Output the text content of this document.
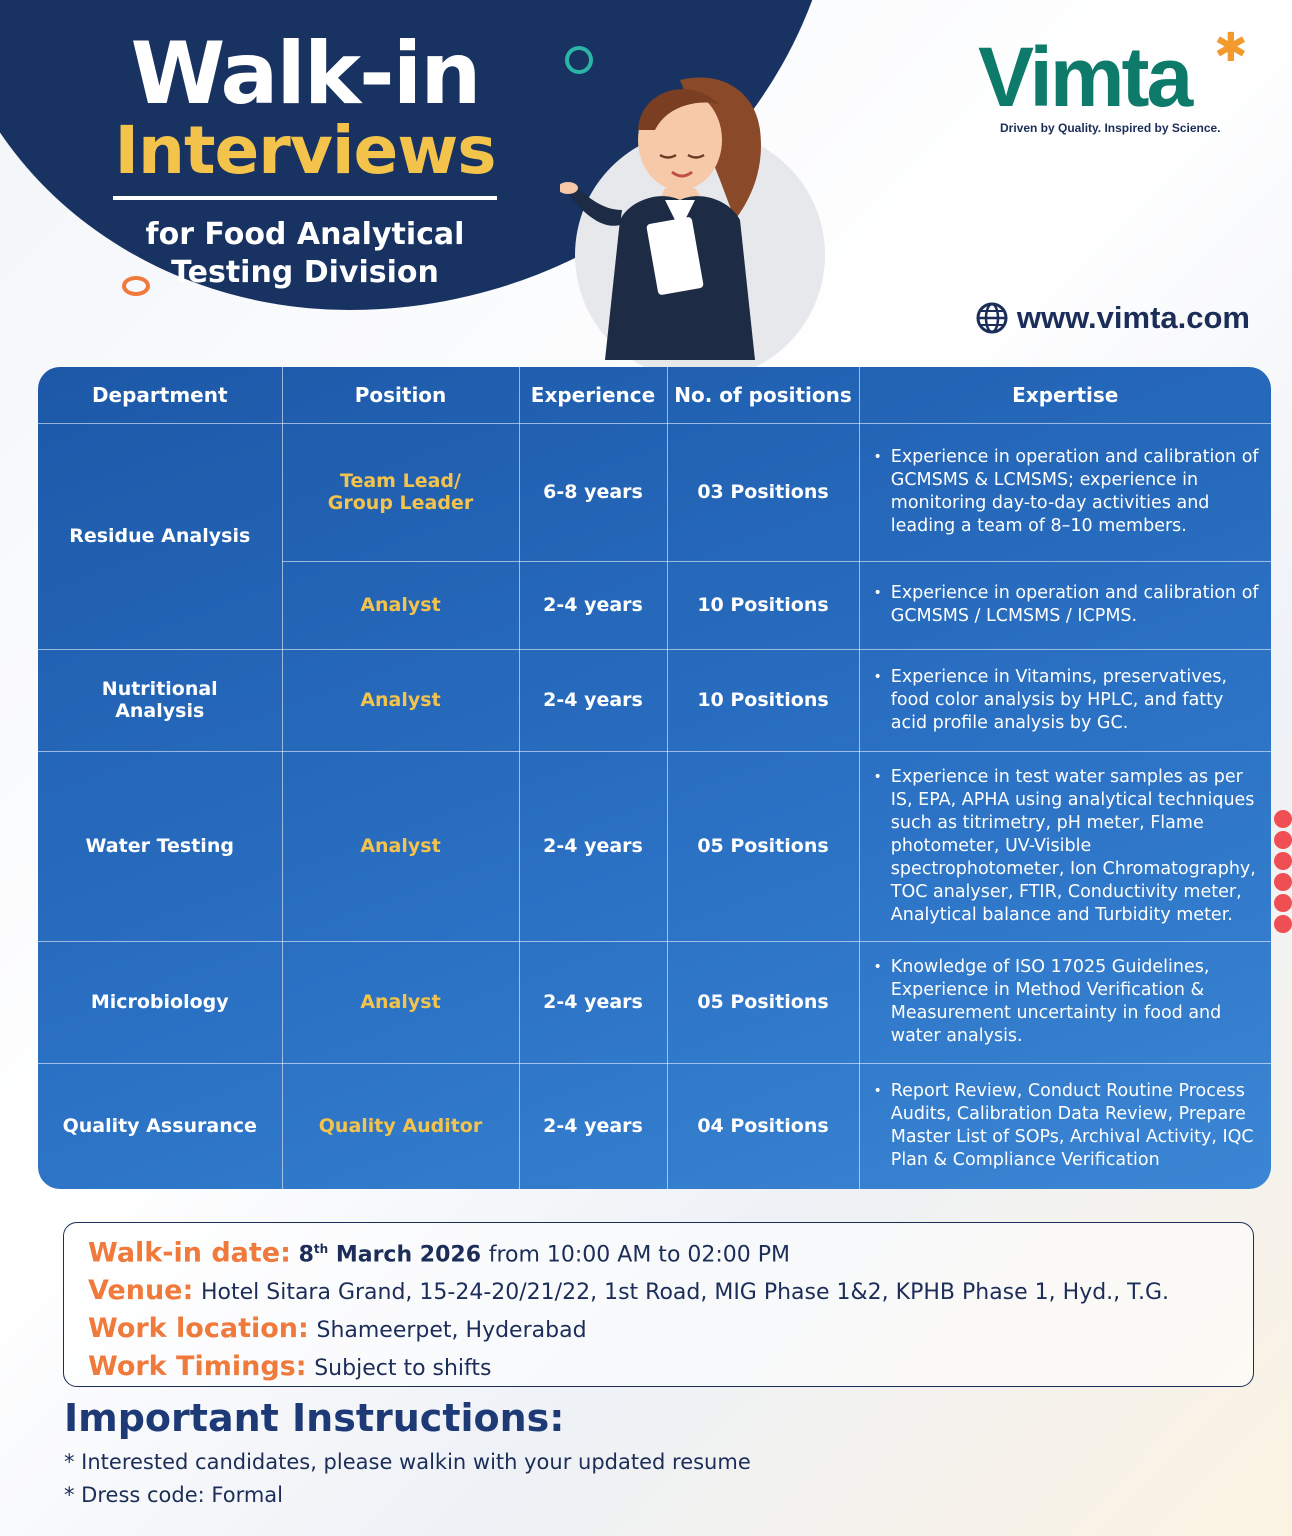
Walk-in
Interviews
for Food Analytical
Testing Division
Vimta ✱
Driven by Quality. Inspired by Science.
www.vimta.com
Department	Position	Experience	No. of positions	Expertise
Residue Analysis	Team Lead/ Group Leader	6-8 years	03 Positions	• Experience in operation and calibration of GCMSMS & LCMSMS; experience in monitoring day-to-day activities and leading a team of 8–10 members.

	Analyst	2-4 years	10 Positions	• Experience in operation and calibration of GCMSMS / LCMSMS / ICPMS.

Nutritional Analysis	Analyst	2-4 years	10 Positions	• Experience in Vitamins, preservatives, food color analysis by HPLC, and fatty acid profile analysis by GC.

Water Testing	Analyst	2-4 years	05 Positions	• Experience in test water samples as per IS, EPA, APHA using analytical techniques such as titrimetry, pH meter, Flame photometer, UV-Visible spectrophotometer, Ion Chromatography, TOC analyser, FTIR, Conductivity meter, Analytical balance and Turbidity meter.

Microbiology	Analyst	2-4 years	05 Positions	• Knowledge of ISO 17025 Guidelines, Experience in Method Verification & Measurement uncertainty in food and water analysis.

Quality Assurance	Quality Auditor	2-4 years	04 Positions	• Report Review, Conduct Routine Process Audits, Calibration Data Review, Prepare Master List of SOPs, Archival Activity, IQC Plan & Compliance Verification
Walk-in date: 8th March 2026 from 10:00 AM to 02:00 PM
Venue: Hotel Sitara Grand, 15-24-20/21/22, 1st Road, MIG Phase 1&2, KPHB Phase 1, Hyd., T.G.
Work location: Shameerpet, Hyderabad
Work Timings: Subject to shifts
Important Instructions:
* Interested candidates, please walkin with your updated resume
* Dress code: Formal
